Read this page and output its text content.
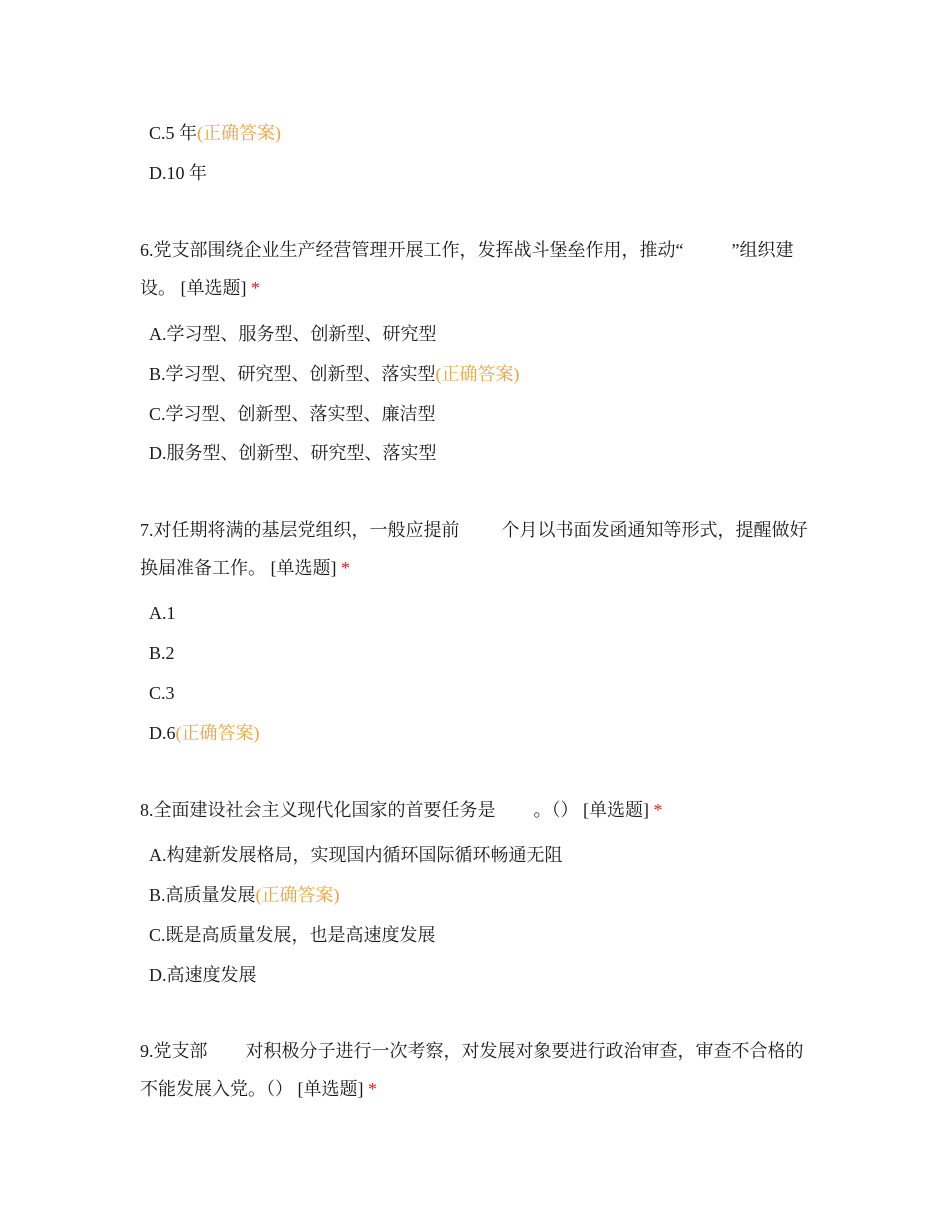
C.5 年(正确答案)
D.10 年
6.党支部围绕企业生产经营管理开展工作，发挥战斗堡垒作用，推动“	”组织建设。 [单选题] *
A.学习型、服务型、创新型、研究型
B.学习型、研究型、创新型、落实型(正确答案)
C.学习型、创新型、落实型、廉洁型
D.服务型、创新型、研究型、落实型
7.对任期将满的基层党组织，一般应提前 个月以书面发函通知等形式，提醒做好换届准备工作。 [单选题] *
A.1
B.2
C.3
D.6(正确答案)
8.全面建设社会主义现代化国家的首要任务是 。（） [单选题] *
A.构建新发展格局，实现国内循环国际循环畅通无阻
B.高质量发展(正确答案)
C.既是高质量发展，也是高速度发展
D.高速度发展
9.党支部 对积极分子进行一次考察，对发展对象要进行政治审查，审查不合格的不能发展入党。（） [单选题] *
